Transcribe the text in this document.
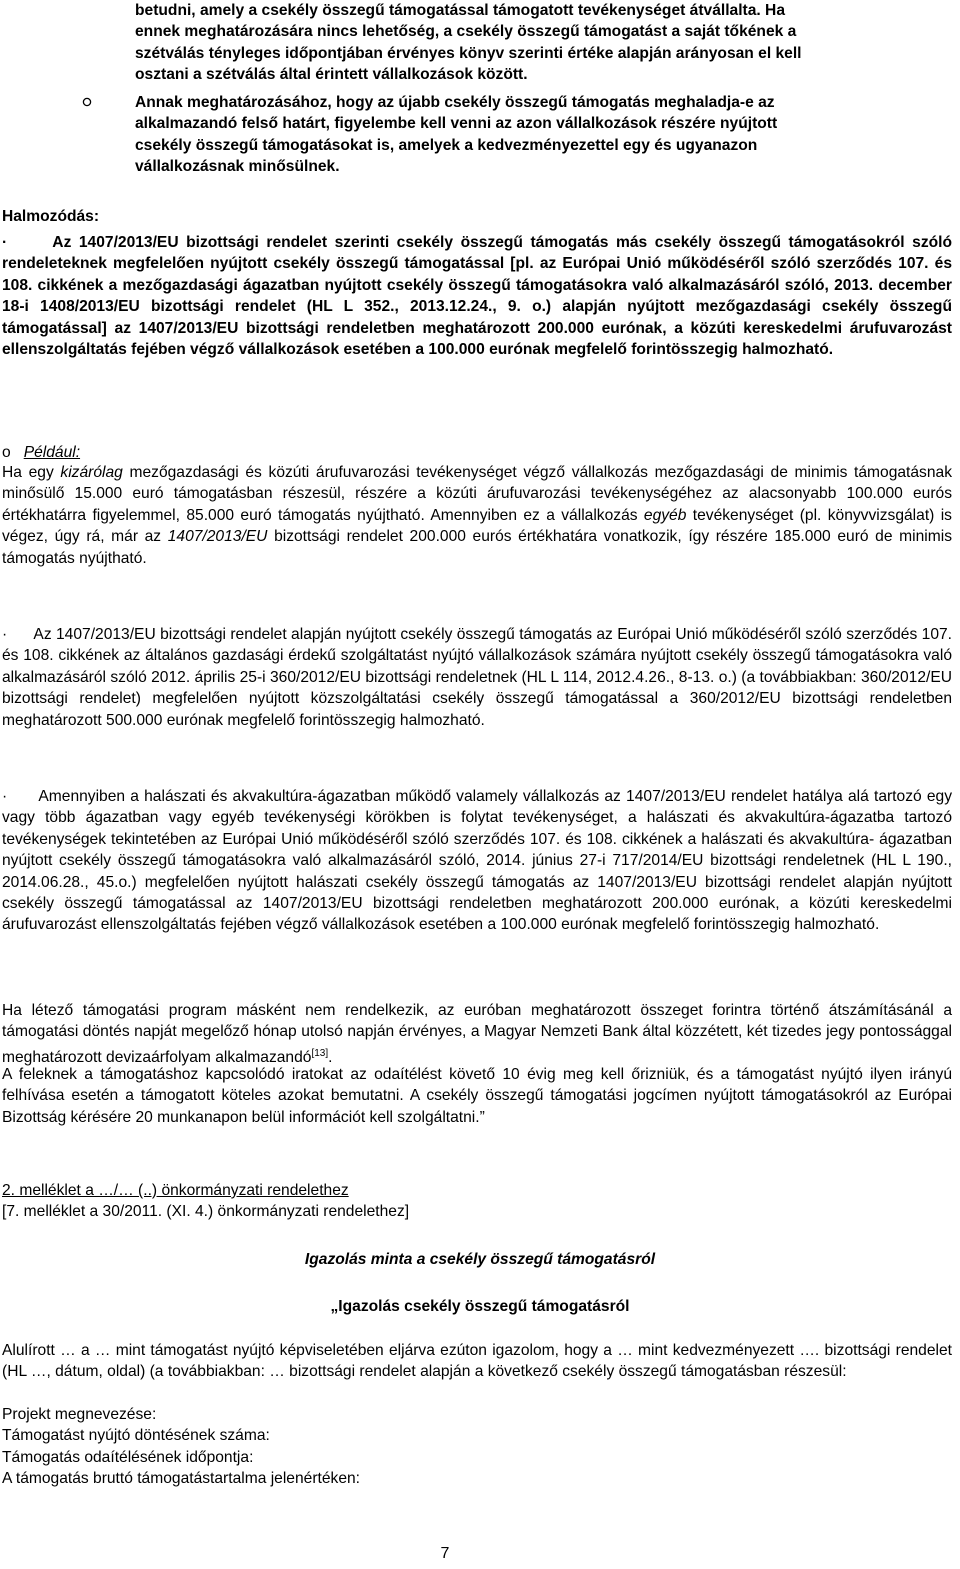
betudni, amely a csekély összegű támogatással támogatott tevékenységet átvállalta. Ha
ennek meghatározására nincs lehetőség, a csekély összegű támogatást a saját tőkének a
szétválás tényleges időpontjában érvényes könyv szerinti értéke alapján arányosan el kell
osztani a szétválás által érintett vállalkozások között.
Annak meghatározásához, hogy az újabb csekély összegű támogatás meghaladja-e az
alkalmazandó felső határt, figyelembe kell venni az azon vállalkozások részére nyújtott
csekély összegű támogatásokat is, amelyek a kedvezményezettel egy és ugyanazon
vállalkozásnak minősülnek.
Halmozódás:
·      Az 1407/2013/EU bizottsági rendelet szerinti csekély összegű támogatás más csekély összegű támogatásokról szóló rendeleteknek megfelelően nyújtott csekély összegű támogatással [pl. az Európai Unió működéséről szóló szerződés 107. és 108. cikkének a mezőgazdasági ágazatban nyújtott csekély összegű támogatásokra való alkalmazásáról szóló, 2013. december 18-i 1408/2013/EU bizottsági rendelet (HL L 352., 2013.12.24., 9. o.) alapján nyújtott mezőgazdasági csekély összegű támogatással] az 1407/2013/EU bizottsági rendeletben meghatározott 200.000 eurónak, a közúti kereskedelmi árufuvarozást ellenszolgáltatás fejében végző vállalkozások esetében a 100.000 eurónak megfelelő forintösszegig halmozható.
o Például:
Ha egy kizárólag mezőgazdasági és közúti árufuvarozási tevékenységet végző vállalkozás mezőgazdasági de minimis támogatásnak minősülő 15.000 euró támogatásban részesül, részére a közúti árufuvarozási tevékenységéhez az alacsonyabb 100.000 eurós értékhatárra figyelemmel, 85.000 euró támogatás nyújtható. Amennyiben ez a vállalkozás egyéb tevékenységet (pl. könyvvizsgálat) is végez, úgy rá, már az 1407/2013/EU bizottsági rendelet 200.000 eurós értékhatára vonatkozik, így részére 185.000 euró de minimis támogatás nyújtható.
·      Az 1407/2013/EU bizottsági rendelet alapján nyújtott csekély összegű támogatás az Európai Unió működéséről szóló szerződés 107. és 108. cikkének az általános gazdasági érdekű szolgáltatást nyújtó vállalkozások számára nyújtott csekély összegű támogatásokra való alkalmazásáról szóló 2012. április 25-i 360/2012/EU bizottsági rendeletnek (HL L 114, 2012.4.26., 8-13. o.) (a továbbiakban: 360/2012/EU bizottsági rendelet) megfelelően nyújtott közszolgáltatási csekély összegű támogatással a 360/2012/EU bizottsági rendeletben meghatározott 500.000 eurónak megfelelő forintösszegig halmozható.
·      Amennyiben a halászati és akvakultúra-ágazatban működő valamely vállalkozás az 1407/2013/EU rendelet hatálya alá tartozó egy vagy több ágazatban vagy egyéb tevékenységi körökben is folytat tevékenységet, a halászati és akvakultúra-ágazatba tartozó tevékenységek tekintetében az Európai Unió működéséről szóló szerződés 107. és 108. cikkének a halászati és akvakultúra- ágazatban nyújtott csekély összegű támogatásokra való alkalmazásáról szóló, 2014. június 27-i 717/2014/EU bizottsági rendeletnek (HL L 190., 2014.06.28., 45.o.) megfelelően nyújtott halászati csekély összegű támogatás az 1407/2013/EU bizottsági rendelet alapján nyújtott csekély összegű támogatással az 1407/2013/EU bizottsági rendeletben meghatározott 200.000 eurónak, a közúti kereskedelmi árufuvarozást ellenszolgáltatás fejében végző vállalkozások esetében a 100.000 eurónak megfelelő forintösszegig halmozható.
Ha létező támogatási program másként nem rendelkezik, az euróban meghatározott összeget forintra történő átszámításánál a támogatási döntés napját megelőző hónap utolsó napján érvényes, a Magyar Nemzeti Bank által közzétett, két tizedes jegy pontossággal meghatározott devizaárfolyam alkalmazandó[13].
A feleknek a támogatáshoz kapcsolódó iratokat az odaítélést követő 10 évig meg kell őrizniük, és a támogatást nyújtó ilyen irányú felhívása esetén a támogatott köteles azokat bemutatni. A csekély összegű támogatási jogcímen nyújtott támogatásokról az Európai Bizottság kérésére 20 munkanapon belül információt kell szolgáltatni.”
2. melléklet a …/… (..) önkormányzati rendelethez
[7. melléklet a 30/2011. (XI. 4.) önkormányzati rendelethez]
Igazolás minta a csekély összegű támogatásról
„Igazolás csekély összegű támogatásról
Alulírott … a … mint támogatást nyújtó képviseletében eljárva ezúton igazolom, hogy a … mint kedvezményezett …. bizottsági rendelet (HL …, dátum, oldal) (a továbbiakban: … bizottsági rendelet alapján a következő csekély összegű támogatásban részesül:
Projekt megnevezése:
Támogatást nyújtó döntésének száma:
Támogatás odaítélésének időpontja:
A támogatás bruttó támogatástartalma jelenértéken:
7
